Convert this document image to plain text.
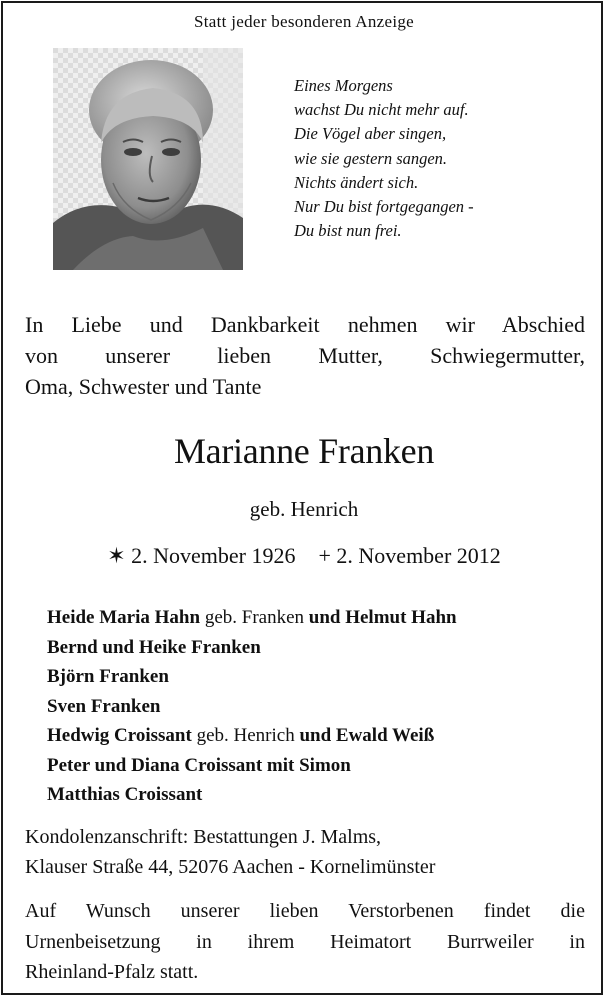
Statt jeder besonderen Anzeige
Eines Morgens
wachst Du nicht mehr auf.
Die Vögel aber singen,
wie sie gestern sangen.
Nichts ändert sich.
Nur Du bist fortgegangen -
Du bist nun frei.
In Liebe und Dankbarkeit nehmen wir Abschied
von unserer lieben Mutter, Schwiegermutter,
Oma, Schwester und Tante
Marianne Franken
geb. Henrich
✶ 2. November 1926 + 2. November 2012
Heide Maria Hahn geb. Franken und Helmut Hahn
Bernd und Heike Franken
Björn Franken
Sven Franken
Hedwig Croissant geb. Henrich und Ewald Weiß
Peter und Diana Croissant mit Simon
Matthias Croissant
Kondolenzanschrift: Bestattungen J. Malms,
Klauser Straße 44, 52076 Aachen - Kornelimünster
Auf Wunsch unserer lieben Verstorbenen findet die
Urnenbeisetzung in ihrem Heimatort Burrweiler in
Rheinland-Pfalz statt.
